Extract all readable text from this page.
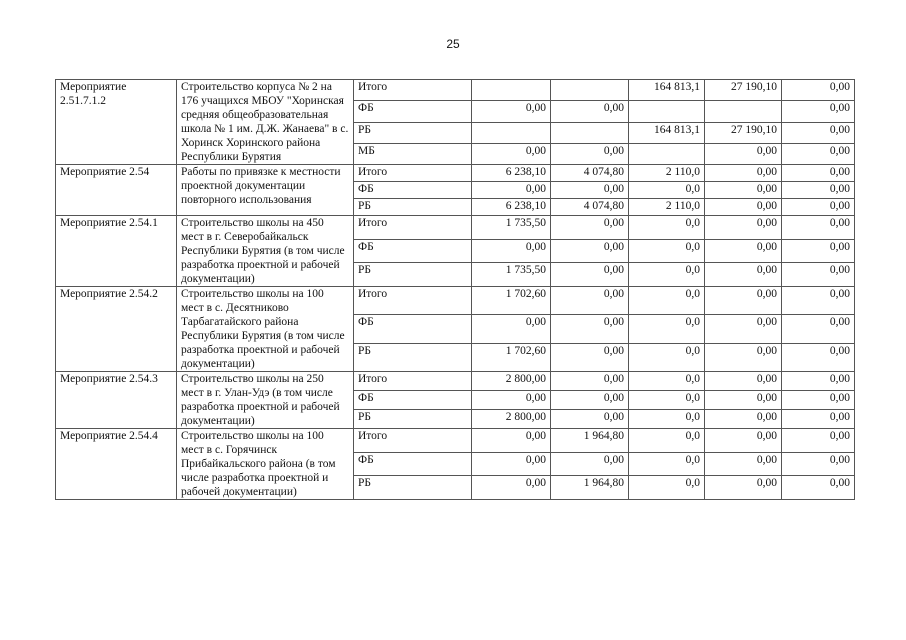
25
Мероприятие 2.51.7.1.2	Строительство корпуса № 2 на 176 учащихся МБОУ "Хоринская средняя общеобразовательная школа № 1 им. Д.Ж. Жанаева" в с. Хоринск Хоринского района Республики Бурятия	Итого			164 813,1	27 190,10	0,00
		ФБ	0,00	0,00			0,00
		РБ			164 813,1	27 190,10	0,00
		МБ	0,00	0,00		0,00	0,00
Мероприятие 2.54	Работы по привязке к местности проектной документации повторного использования	Итого	6 238,10	4 074,80	2 110,0	0,00	0,00
		ФБ	0,00	0,00	0,0	0,00	0,00
		РБ	6 238,10	4 074,80	2 110,0	0,00	0,00
Мероприятие 2.54.1	Строительство школы на 450 мест в г. Северобайкальск Республики Бурятия (в том числе разработка проектной и рабочей документации)	Итого	1 735,50	0,00	0,0	0,00	0,00
		ФБ	0,00	0,00	0,0	0,00	0,00
		РБ	1 735,50	0,00	0,0	0,00	0,00
Мероприятие 2.54.2	Строительство школы на 100 мест в с. Десятниково Тарбагатайского района Республики Бурятия (в том числе разработка проектной и рабочей документации)	Итого	1 702,60	0,00	0,0	0,00	0,00
		ФБ	0,00	0,00	0,0	0,00	0,00
		РБ	1 702,60	0,00	0,0	0,00	0,00
Мероприятие 2.54.3	Строительство школы на 250 мест в г. Улан-Удэ (в том числе разработка проектной и рабочей документации)	Итого	2 800,00	0,00	0,0	0,00	0,00
		ФБ	0,00	0,00	0,0	0,00	0,00
		РБ	2 800,00	0,00	0,0	0,00	0,00
Мероприятие 2.54.4	Строительство школы на 100 мест в с. Горячинск Прибайкальского района (в том числе разработка проектной и рабочей документации)	Итого	0,00	1 964,80	0,0	0,00	0,00
		ФБ	0,00	0,00	0,0	0,00	0,00
		РБ	0,00	1 964,80	0,0	0,00	0,00
